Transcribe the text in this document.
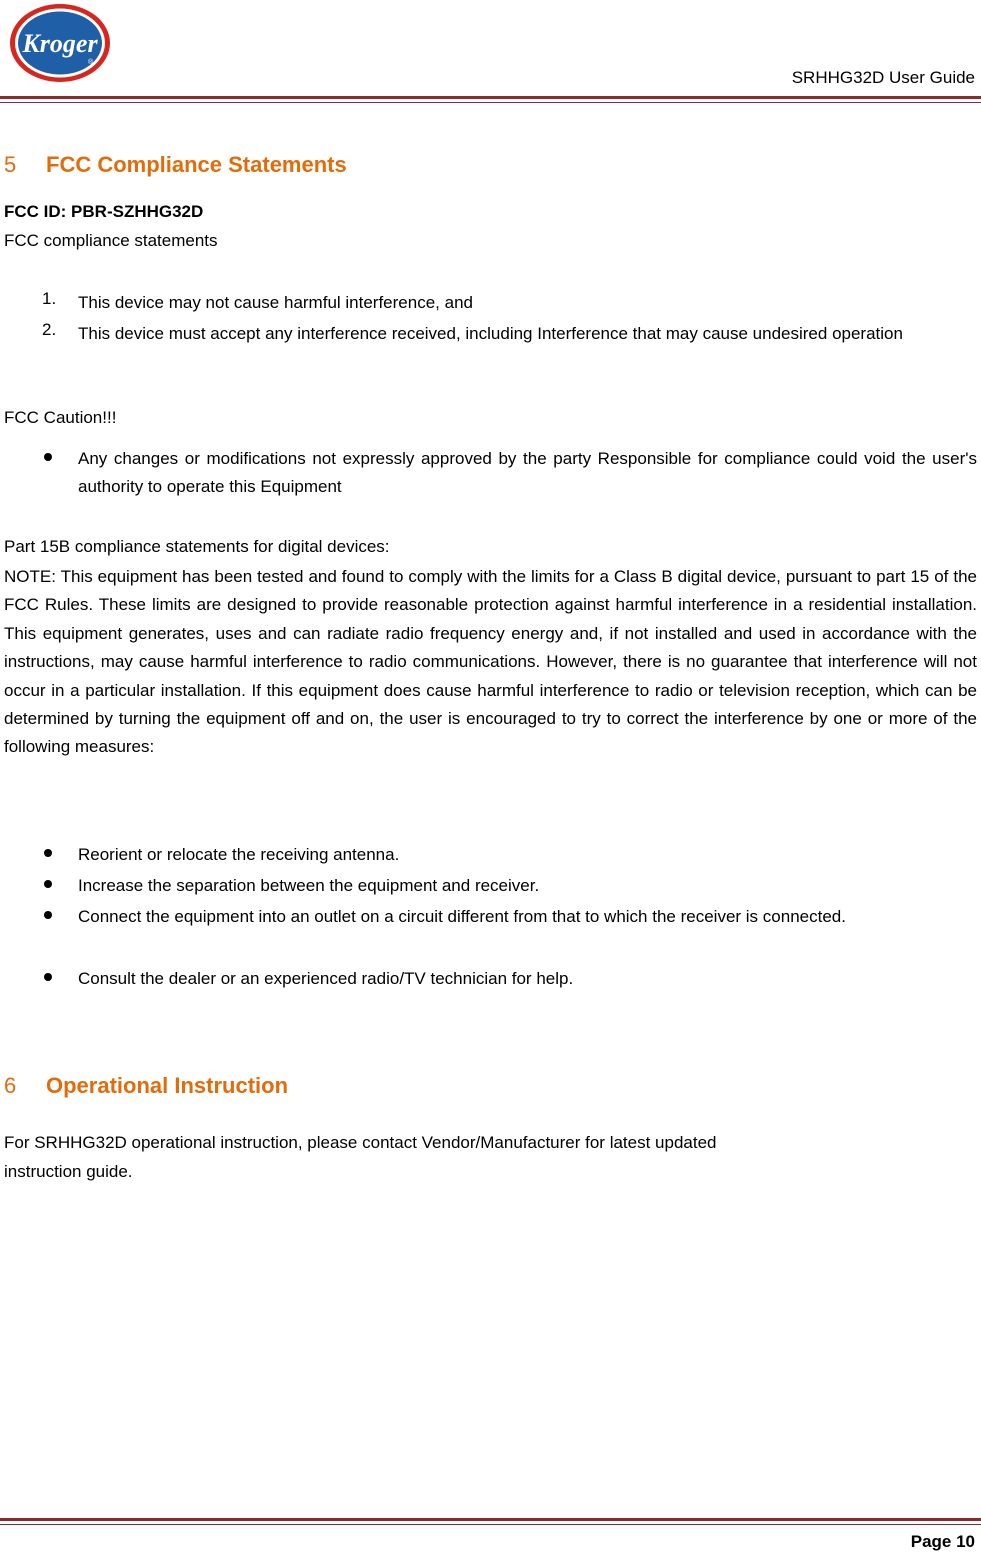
Kroger
®
SRHHG32D User Guide
5 FCC Compliance Statements
FCC ID: PBR-SZHHG32D
FCC compliance statements
1. This device may not cause harmful interference, and
2. This device must accept any interference received, including Interference that may cause undesired operation
FCC Caution!!!
Any changes or modifications not expressly approved by the party Responsible for compliance could void the user's authority to operate this Equipment
Part 15B compliance statements for digital devices:
NOTE: This equipment has been tested and found to comply with the limits for a Class B digital device, pursuant to part 15 of the FCC Rules. These limits are designed to provide reasonable protection against harmful interference in a residential installation. This equipment generates, uses and can radiate radio frequency energy and, if not installed and used in accordance with the instructions, may cause harmful interference to radio communications. However, there is no guarantee that interference will not occur in a particular installation. If this equipment does cause harmful interference to radio or television reception, which can be determined by turning the equipment off and on, the user is encouraged to try to correct the interference by one or more of the following measures:
Reorient or relocate the receiving antenna.
Increase the separation between the equipment and receiver.
Connect the equipment into an outlet on a circuit different from that to which the receiver is connected.
Consult the dealer or an experienced radio/TV technician for help.
6 Operational Instruction
For SRHHG32D operational instruction, please contact Vendor/Manufacturer for latest updated
instruction guide.
Page 10
